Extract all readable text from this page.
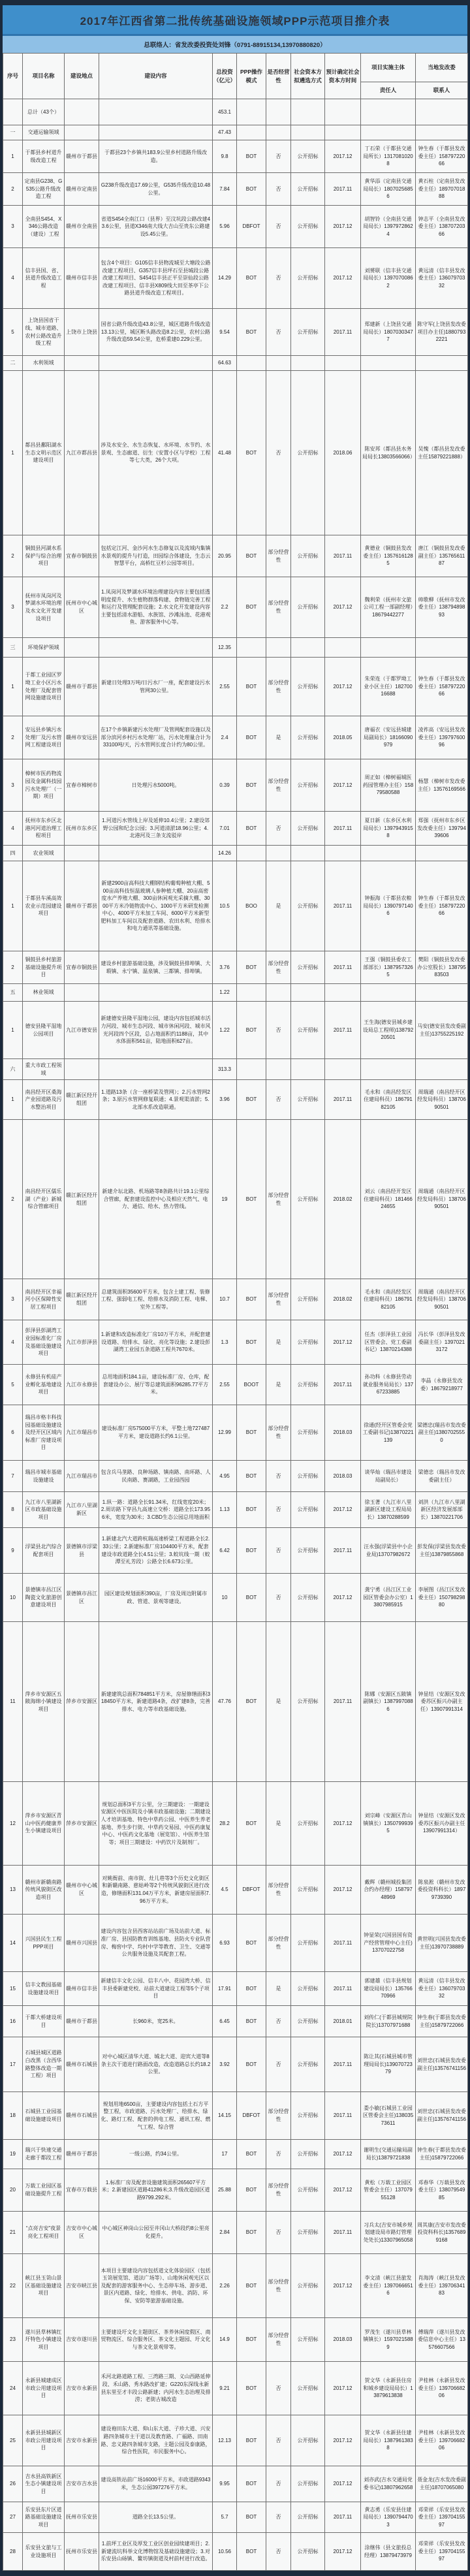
2017年江西省第二批传统基础设施领域PPP示范项目推介表
总联络人：省发改委投资处刘锋（0791-88915134,13970880820）
序号	项目名称	建设地点	建设内容	总投资（亿元）	PPP操作模式	是否经营性	社会资本方拟遴选方式	预计确定社会资本方时间	项目实施主体	当地发改委
									责任人	联系人
	总计（43个）			453.1						
一	交通运输领域			47.43						
1	于都县乡村道升级改造工程	赣州市于都县	于都县23个乡镇共183.9公里乡村道路升级改造。	9.8	BOT	否	公开招标	2017.12	丁石荣（于都县交通局所长）13170810208	钟生春（于都县发改委主任）15879722066
2	定南县G238、G535公路升级改造工程	赣州市定南县	G238升级改造17.69公里，G535升级改造10.48公里。	7.84	BOT	否	公开招标	2017.11	黄华添（定南县交通局局长）18070256856	黄石柱（定南县发改委主任）18970701888
3	全南县S454、X346公路改造（建设）工程	赣州市全南县	省道S454全南江口（县界）至汶坑段公路改建43.6公里，县道X346南大线大吉山至贵东公路建设5.45公里。	5.96	DBFOT	否	公开招标	2017.12	胡智铃（全南县交通局局长）13979728624	钟志平（全南县发改委主任）13870720366
4	信丰县国、省、县道升级改造工程	赣州市信丰县	包含4个项目：G105信丰县物流城至大塘段公路改建工程项目、G357信丰县坪石至县城段公路改建工程项目、S454信丰县正平至崇仙段公路改建工程项目、信丰县X809线大田至茶亭下公路县道升级改造工程项目。	14.29	BOT	否	公开招标	2017.12	刘赟联（信丰县交通局局长）13970700862	黄远清（信丰县发改委主任）13607970332
5	上饶县国省干线、城市道路、农村公路改造升级工程	上饶市上饶县	国省公路升级改造43.8公里，城区道路升级改造13.13公里，城区断头路改造8.2公里，农村公路升级改造59.54公里，危桥重建0.229公里。	9.54	BOT	否	公开招标	2017.11	郑建新（上饶县交通局局长）18070303477	陈守军(上饶县发改委项目办主任)18807932221
二	水利领域			64.63						
1	都昌县鄱阳湖水生态文明示范区建设项目	九江市都昌县	涉及水安全、水生态恢复、水环境、水节约、水景观、生态廊道、衍生（安置小区与学校）工程等七大类，26个大项。	41.48	BOT	否	公开招标	2018.06	陈安邦（都昌县水务局局长13803566066）	吴愧（都昌县发改委主任15879221888）
2	铜鼓县河湖水系保护与综合治理项目	宜春市铜鼓县	包括定江河、金沙河水生态修复以及流域内集镇水景观的提升与打造，田园综合体建设，生态云智慧平台，高桥红豆杉公园等项目。	20.95	BOT	部分经营性	公开招标	2017.11	黄德业（铜鼓县发改委主任）13576161285	唐江（铜鼓县发改委副主任）13576561187
3	抚州市凤岗河及梦湖水环境治理及水文化开发建设项目	抚州市中心城区	1.凤岗河及梦湖水环境治理建设内容主要包括透明度提升、水生植物群落构建、食物链完善工程和运行及管理配套设施；2.水文化开发建设内容主要包括清水游船、水族馆、沙滩泳池、花港观鱼、游客服务中心等。	2.2	BOT	部分经营性	公开招标	2017.12	魏利荣（抚州市文旅公司工程一部副经理）18679442277	帅歌柳（抚州市发改委主任）13879489893
三	环境保护领域			12.35						
1	于都工业园区罗坳工业小区污水处理厂及配套管网设施建设项目	赣州市于都县	新建日处理3万吨/日污水厂一座，配套建设污水管网30公里。	2.55	BOT	部分经营性	公开招标	2017.12	朱荣连（于都罗坳工业小区主任）18270016688	钟生春（于都县发改委主任）15879722066
2	安远县乡镇污水处理厂及污水管网工程建设项目	赣州市安远县	在17个乡镇新建污水处理厂及管网配套设施以及部分滨河乡村污水处理厂站，污水处理量合计为33100吨/天，污水管网长度合计约为80公里。	2.4	BOT	是	公开招标	2018.05	唐福衣（安远县城建局副局长）18166090979	凌祚高（安远县发改委主任）13979760096
3	樟树市医药物流园及金属科技园污水处理厂（一期）项目	宜春市樟树市	日处理污水5000吨。	0.39	BOT	部分经营性	公开招标	2017.12	周正如（樟树福城医药园管理办主任）15879580588	杨慧（樟树市发改委主任）13576169566
4	抚州市东乡区北港河河道治理工程项目	抚州市东乡区	1.河道污水管线上岸及延伸10.4公里；2.建设郊野公园和纪念公园；3.河道清淤18.96公里；4.北港河及三条支流驳岸	7.01	BOT	否	公开招标	2017.11	夏日新（东乡区水利局局长）13979439158	郑强（抚州市东乡区发改委主任）13979439606
四	农业领域			14.26						
1	于都县车溪高效农业示范园建设项目	赣州市于都县	新建2900亩高科技大棚钢结构葡萄种植大棚、500亩高科技恒温玻璃人参种植大棚、20亩高密度水产养殖大棚、300亩休闲观光采摘大棚、3000平方米冷链物流中心、1000平方米研发检测中心、4000平方米加工车间、6000平方米新型肥料加工车间以及配套道路、农田水利、给排水和电力通讯等基础设施。	10.5	BOO	是	公开招标	2017.11	钟振海（于都县农粮局局长）13907971406	钟生春（于都县发改委主任）15879722066
2	铜鼓县乡村旅游基础设施提升项目	宜春市铜鼓县	建设乡村旅游基础设施，涉及铜鼓县排埠镇、大塅镇、永宁镇、温泉镇、三都镇、排埠镇。	3.76	BOT	部分经营性	公开招标	2017.11	王强（铜鼓县委农工部部长）13879573265	樊阳（铜鼓县发改委办公室股长）13879583503
五	林业领域			1.22						
1	德安县隆平湿地公园项目	九江市德安县	新建德安县隆平湿地公园，建设内容包括城市活力河段、城市生态河段、城市休闲河段、城市风光河段四个区段，总占地面积约1188亩，其中水体面积561亩，陆地面积627亩。	1.22	BOT	否	公开招标	2017.11	王生海(德安县城乡建设局总工程师)13879220501	马安(德安县发改委副主任)13755225192
六	重大市政工程领域			313.3						
1	南昌经开区桑海产业园道路及污水整治项目	赣江新区经开组团	1.道路13条（含一座桥梁及管网）；2.污水管网2条；3.原污水管网修复联通；4.景观渠清淤；5.北部水系改造联通。	3.96	BOT	否	公开招标	2017.11	毛永和（南昌经发区住建局科员）18679182105	周瑞通（南昌经开区经发局科员）13870690501
2	南昌经开区儒乐湖（产业）新城综合管廊项目	赣江新区经开组团	新建介坛北路、机场路等8条路共计19.1公里综合管廊，配套建设监控中心及相应天然气、电力、通信、给水、热力管线。	19	BOT	部分经营性	公开招标	2018.02	刘云（南昌经开发区住建局科员）18146624655	周瑞通（南昌经开区经发局科员）13870690501
3	南昌经开区幸福河小区保障性安居工程项目	赣江新区经开组团	总建筑面积35600平方米，包含土建工程、装修工程、强弱电工程、给排水及消防工程、电梯、室外工程等。	10.7	BOT	部分经营性	公开招标	2018.02	毛永和（南昌经发区住建局科员）18679182105	周瑞通（南昌经开区经发局科员）13870690501
4	彭泽县彭湖湾工业园标准化厂房及基础设施建设项目	九江市彭泽县	1.新建和改造标准化厂房10万平方米，并配套建设道路、给排水、绿化、亮化等设施；2.建设彭湖湾工业园五条道路工程共7670米。	1.3	BOT	是	公开招标	2017.12	任杰（彭泽县工业园区管委会、党工委副书记）13870214388	冯长华（彭泽县发改委副主任）13970213172
5	永修县有机硅产业孵化基地建设项目	九江市永修县	总用地面积184.1亩，建设标准厂房、仓库，配套建设办公、展厅等总建筑面积96285.77平方米。	2.55	BOOT	是	公开招标	2017.11	孙功科（永修县劳动就业服务局局长）13767233885	李晶（永修县发改委）18679218977
6	瑞昌市格丰科技园基础设施建设及经开区区域内标准厂房建设项目	九江市瑞昌市	建设标准厂房575000平方米，平整土地727487平方米，建设道路长约6.1公里。	12.99	BOT	部分经营性	公开招标	2018.03	徐通(经开区管委会党工委副书记)13870221139	梁德忠(瑞昌市发改委副主任)13807025550
7	瑞昌市城市基础设施建设	九江市瑞昌市	包含兵马垄路、良种场路、镇南路、南环路、人民南路、赛湖路，工业园西园	4.95	BOT	否	公开招标	2018.03	谈华灿（瑞昌市建设局副局长）	梁德忠（瑞昌市发改委副主任）
8	九江市八里湖新区市政基础设施项目	九江市八里湖新区	1.纵一路：道路全长91.34米，红线宽度20米；2.周访路下穿昌九高速立交桥：道路全长173.956米，宽度为30米；3.CBD生态公园总用地面积	1.13	BOT	否	公开招标	2017.12	徐玉著（九江市八里湖新区建设工程局局长）13870288599	刘洪（九江市八里湖新区经济发展部部长）13870221706
9	浮梁县北汽综合配套项目	景德镇市浮梁县	1.新建北汽大道跨杭瑞高速桥梁工程道路全长2.33公里；2.新建标准厂房104400平方米，配套建设市政道路全长4.51公里；3.蛟坑线一期（蛟潭至礼芳段）公路全长6.673公里。	6.42	BOT	否	公开招标	2017.11	汪永强(浮梁县中小企业局)13707982672	彭发保(浮梁县发改委主任)13879855868
10	景德镇市昌江区陶瓷文化旅游创意建设项目	景德镇市昌江区	园区建设规划面积390亩，厂房及周边附属市政、管道、景观等建设。	10	BOT	否	公开招标	2017.12	龚宁勇（昌江区工业园区管委会办公室）13807985915	李展图（昌江区发改委主任）15079829880
11	萍乡市安源区五陂海绵小镇建设项目	萍乡市安源区	新建建筑总面积784851平方米，房屋修缮面积318450平方米，新建道路4条，改扩建8条，完善排水、电力等市政基础设施。	47.76	BOT	是	公开招标	2017.11	陈娜（安源区五陂镇副镇长）13879970886	钟显结（安源区发改委苏区振兴办副主任）13907991314
12	萍乡市安源区青山中医药健康养生小镇建设项目	萍乡市安源区	规划总面积3平方公里，分三期建设：一期建设安源区中医医院及小镇市政基础设施；二期建设人才培训基地、特色中草药公园、中医养生养老基地、养生步行街、中草药交易园、中医药康复中心、中医药文化基地（展览馆）、中医养生馆等；项目三期建设：中药饮片及制剂厂。	28.2	BOT	是	公开招标	2017.12	刘宗峰（安源区青山镇镇长）13507999395	钟显结（安源区发改委苏区振兴办副主任13907991314）
13	赣州市新赣南路传统风貌街区改造项目	赣州市中心城区	对姚衙前、南市街、灶儿巷等3个历史文化街区和新赣南路、慈姑岭等2个传统风貌街区进行改造，修缮面积131.04万平方米，新建房屋面积7.96万平方米。	4.5	DBFOT	部分经营性	公开招标	2017.12	戴辉（赣州城投集团合约办经理）15879748969	陈泉淞（赣州市发改委投资科科长）18979739390
14	兴国县民生工程PPP项目	赣州市兴国县	建设内容包含县西客站站前广场及站前大道、标准厂房、县国防教育训练基地、县防火专业队营房、梅窖中学、均村中学等教育、卫生、交通等公共服务设施及其配套工程。	6.93	BOT	部分经营性	公开招标	2017.11	钟显荣(兴国县国有资产经营管理中心主任)13707022758	黄世明(兴国县发改委主任)13970738889
15	信丰文教园基础设施建设项目	赣州市信丰县	新建信丰文化公园、信丰八中、花园湾大桥、信丰县委新建党校、站前大道建设工程等5个子项目	17.91	BOT	是	公开招标	2017.11	郭建雄（信丰县规划建设局局长）13576670966	黄远清（信丰县发改委主任）13607970332
16	于都大桥建设项目	赣州市于都县	长960米，宽25米。	6.45	BOT	否	公开招标	2018.01	刘传仁(于都县城规院院长)13707971688	钟生春(于都县发改委主任)15879722066
17	石城县城区道路白改黑（含西华路整体改造一期工程）项目	赣州市石城县	对中心城区清华大道、城北大道、迎宾大道等8条主次干道进行路面改造，改造道路总长约18.2公里。	3.92	BOT	否	公开招标	2017.11	陈让其(石城县城市管理局局长)13907072379	刘世忠(石城县发改委副主任)13576741156
18	石城县工业园基础设施建设项目	赣州市石城县	规划用地6500亩，主要建设内容包括土石方平整工程，市政道路、污水处理厂、给排水、绿化、路灯工程、配套的供电工程、通讯工程、燃气工程、综合管	14.15	DBFOT	部分经营性	公开招标	2017.11	娄小敏(石城县工业园区管委会主任)13803573611	刘世忠(石城县发改委副主任)13576741156
19	瑞兴于快速交通走廊于都段工程	赣州市于都县	一级公路，约34公里。	17	BOT	否	公开招标	2017.12	谢明生(交通运输局副局长)13879721838	钟生春(于都县发改委主任)15879722066
20	万载工业园区基础设施提升工程	宜春市万载县	1.标准厂房及配套设施建筑面积265607平方米；2.新建园区道路41286米;3.升级改造园区道路9799.292米。	25.88	BOT	部分经营性	公开招标	2017.12	黄松（万载工业园区管委会主任）13707955128	邓春华（万载县发改委主任）13807954985
21	“点亮吉安”夜景亮化工程项目	吉安市中心城区	中心城区神岗山公园至井冈山大桥段约8公里亮化提升。	2.84	BOT	否	公开招标	2017.11	习兵太(吉安市城乡规划建设局市路灯管理处处长)13307965058	周其康(吉安市发改委投资科科长)13576899168
22	峡江县玉笥山景区基础设施建设项目	吉安市峡江县	本项目主要建设内容包括道文化体验园区（包括玉笥展览馆、道法广场等）、山地休闲观光区以及配套的游客服务中心、生态停车场、游步道、景区内道路、绿化、给排水、供电、消防、环保、安防等旅游基础设施。	2.26	BOT	部分经营性	公开招标	2017.12	李文清（峡江县旅发委主任）13970666516	肖海涛（峡江县发改委主任）13970634183
23	遂川县草林镇红圩特色小镇建设项目	吉安市遂川县	主要建设圩文化主题街区、茶养休闲度假区、商贸物流区、综合服务区、茶文化主题园、圩文化与茶文化景观带等。	14.9	BOT	部分经营性	公开招标	2018.03	罗茂生（遂川县草林镇镇长）15970215889	傅瑞萍（遂川县发改委信息中心主任）13576607566
24	永新县城建成区市政公用建设项目	吉安市永新县	禾河北路道路工程、三湾路三期、义山西路延伸段、禾山路、秀水路改扩建；G220东深线永新县东里至才丰段公路新建；内河水生态治理及排涝；老街古城改造	9.21	BOT	否	公开招标	2017.12	贺文华（永新县住房和城乡建设局局长）13879613838	尹桂林（永新县发改委主任）13970668206
25	永新县县城新区市政公用建设项目	吉安市永新县	建设袍田东大道、仰山东大道、子珍大道、兴安路四条城市主干道以及教育路、广福路、田南路、忠义路四条城市支路，主题公园及泰康路，综合性医院，市民服务中心。	12.13	BOT	否	公开招标	2017.12	贺文华（永新县住建局局长）13879613838	尹桂林（永新县发改委主任）13970668206
26	吉水县高铁新区生态小镇建设项目	吉安市吉水县	建设高铁站前广场16000平方米，市政道路9343米，生态公园397276平方米。	9.95	BOT	否	公开招标	2017.12	刘亦武(吉水交通局党委书记)13807962658	聂金龙(吉水发改委副主任)18707065080
27	乐安县东片区道路基础设施建设项目	抚州市乐安县	道路全长13.5公里。	5.7	BOT	否	公开招标	2017.11	黄志勇（乐安县住建局局长）13907944703	邓荣祥（乐安县发改委主任）13970415597
28	乐安县文旅与工业设施项目	抚州市乐安县	1.前坪工业区及厚发工业区创业园续建项目；2.新建流坑科举文化博物馆及基础设施建设；3.对乐安县山砀镇、鳌坊镇街道及村前村进行改造。	10.56	BOT	否	公开招标	2017.12	涂继伟（县文旅投总经理）13879473979	邓荣祥（乐安县发改委主任）13970415597
